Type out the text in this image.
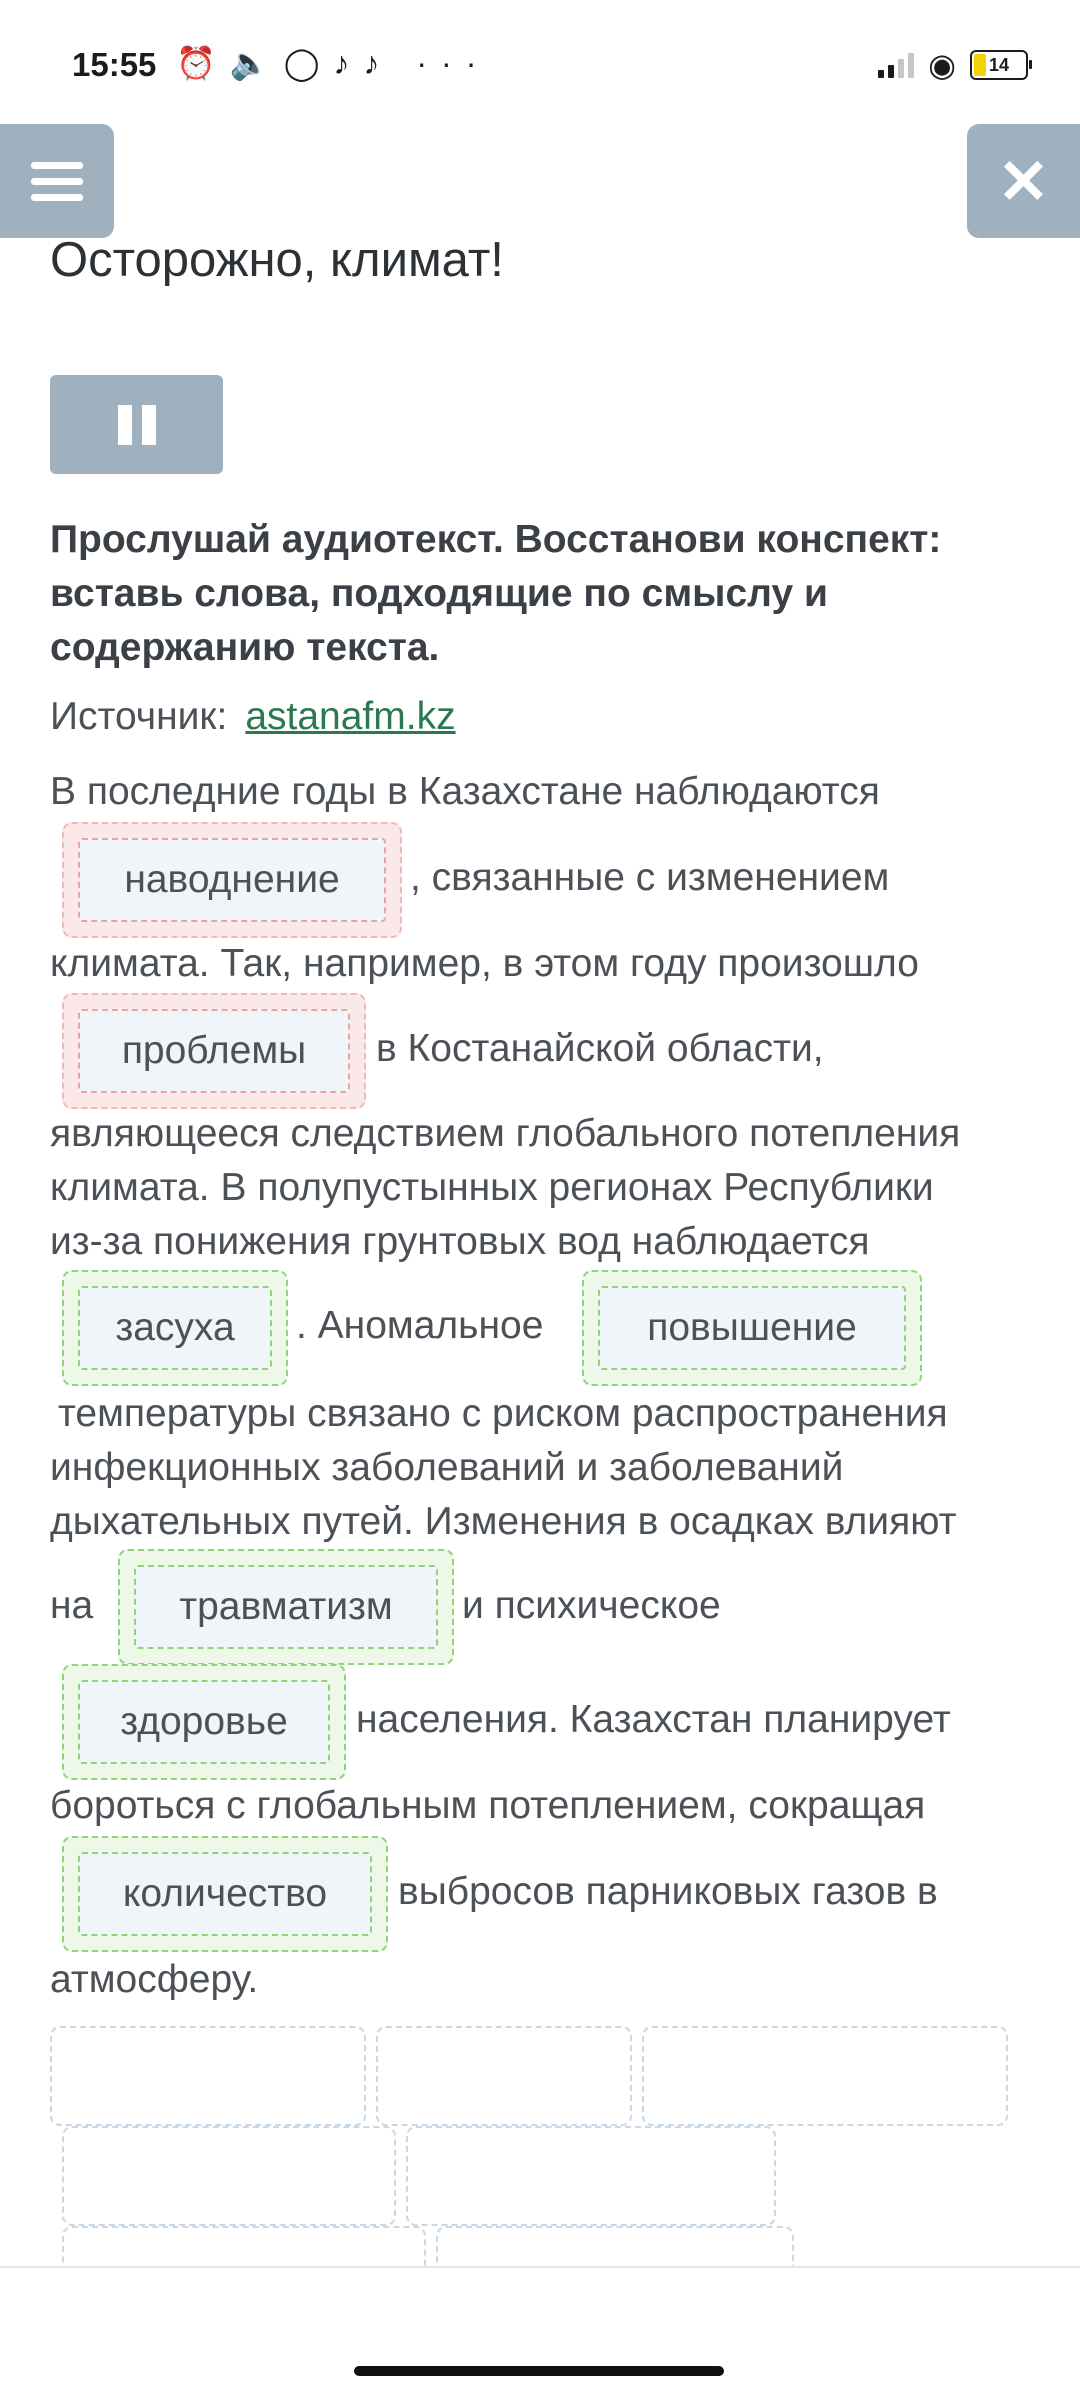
15:55 ⏰🔈◯♪♪ ···	◉ 14
✕
Осторожно, климат!
Прослушай аудиотекст. Восстанови конспект: вставь слова, подходящие по смыслу и содержанию текста.
Источник: astanafm.kz
В последние годы в Казахстане наблюдаются
наводнение	, связанные с изменением
климата. Так, например, в этом году произошло
проблемы	в Костанайской области,
являющееся следствием глобального потепления
климата. В полупустынных регионах Республики
из-за понижения грунтовых вод наблюдается
засуха	. Аномальное	повышение
температуры связано с риском распространения
инфекционных заболеваний и заболеваний
дыхательных путей. Изменения в осадках влияют
на	травматизм	и психическое
здоровье	населения. Казахстан планирует
бороться с глобальным потеплением, сокращая
количество	выбросов парниковых газов в
атмосферу.
